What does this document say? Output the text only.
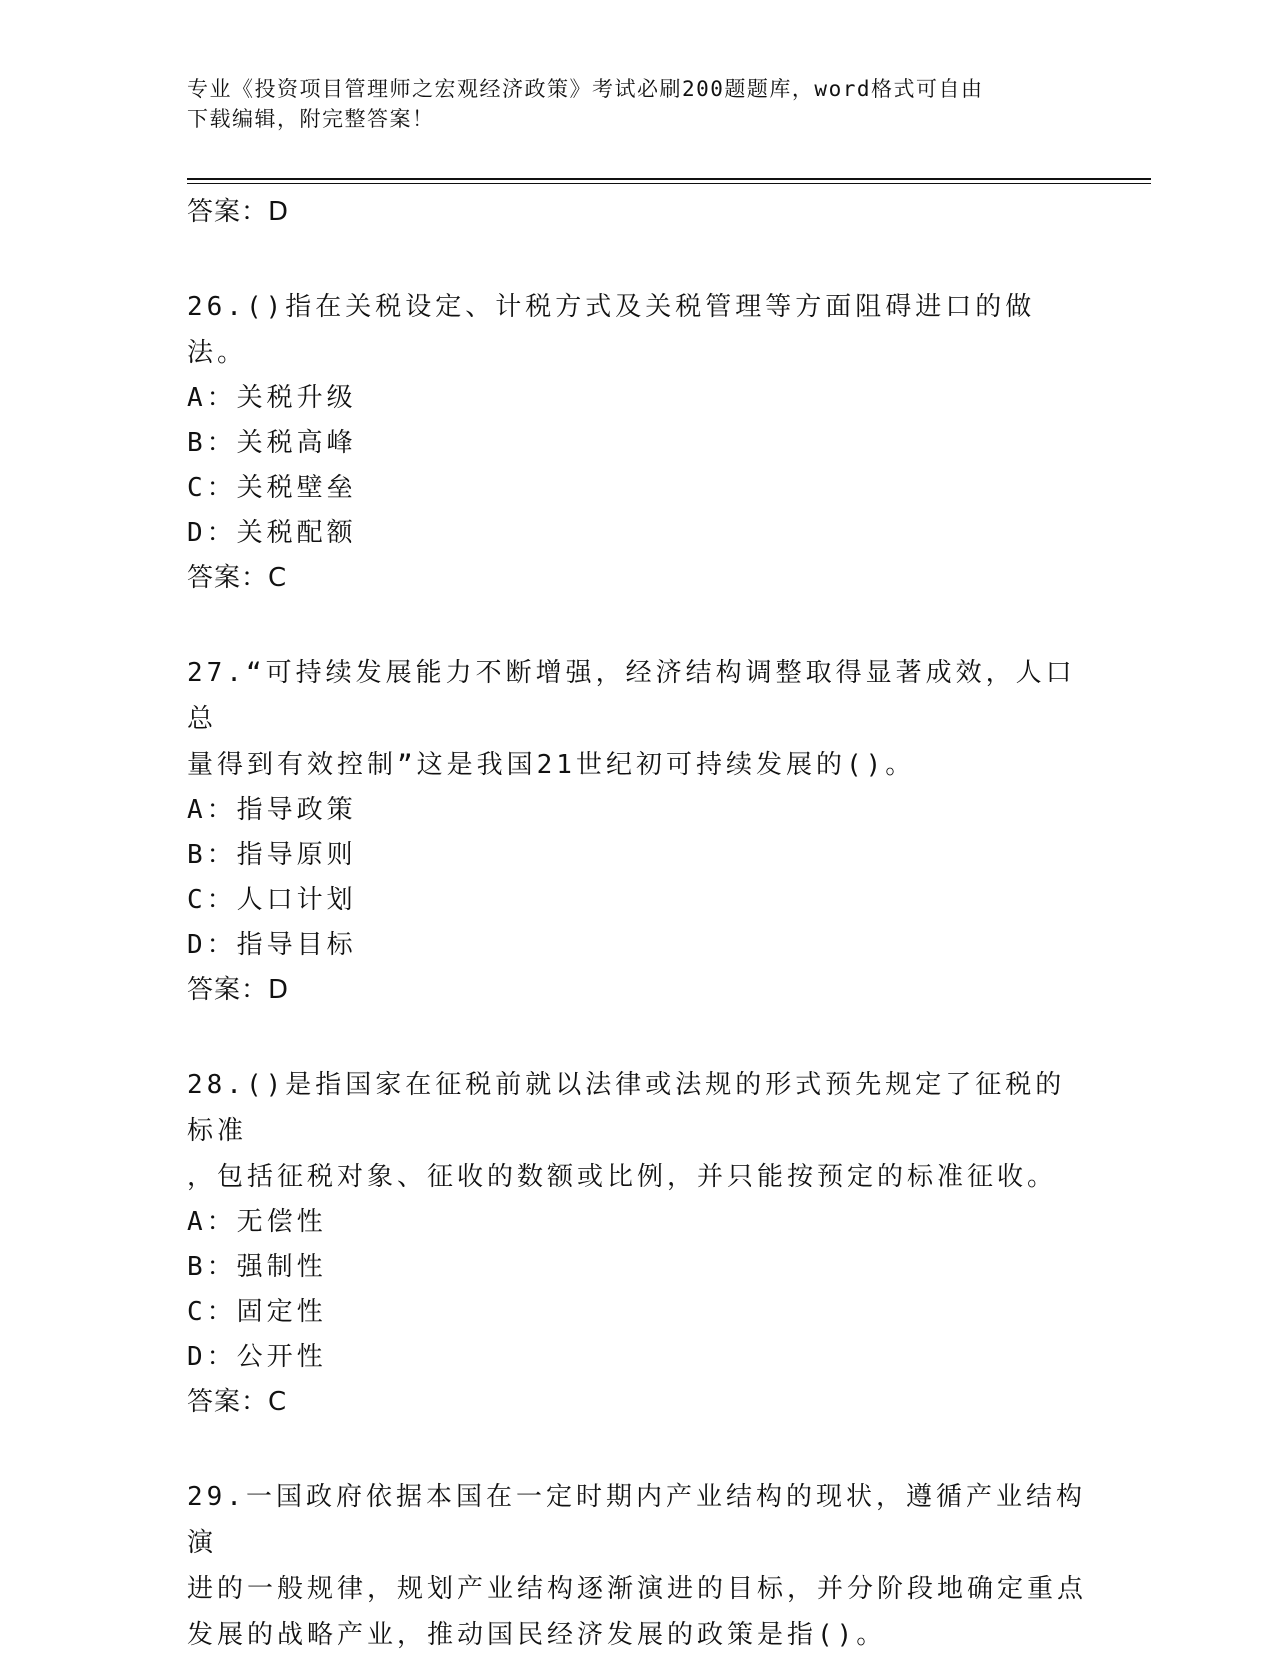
专业《投资项目管理师之宏观经济政策》考试必刷200题题库，word格式可自由
下载编辑，附完整答案！
答案：D
26.()指在关税设定、计税方式及关税管理等方面阻碍进口的做法。
A：关税升级
B：关税高峰
C：关税壁垒
D：关税配额
答案：C
27.“可持续发展能力不断增强，经济结构调整取得显著成效，人口总
量得到有效控制”这是我国21世纪初可持续发展的()。
A：指导政策
B：指导原则
C：人口计划
D：指导目标
答案：D
28.()是指国家在征税前就以法律或法规的形式预先规定了征税的标准
，包括征税对象、征收的数额或比例，并只能按预定的标准征收。
A：无偿性
B：强制性
C：固定性
D：公开性
答案：C
29.一国政府依据本国在一定时期内产业结构的现状，遵循产业结构演
进的一般规律，规划产业结构逐渐演进的目标，并分阶段地确定重点
发展的战略产业，推动国民经济发展的政策是指()。
